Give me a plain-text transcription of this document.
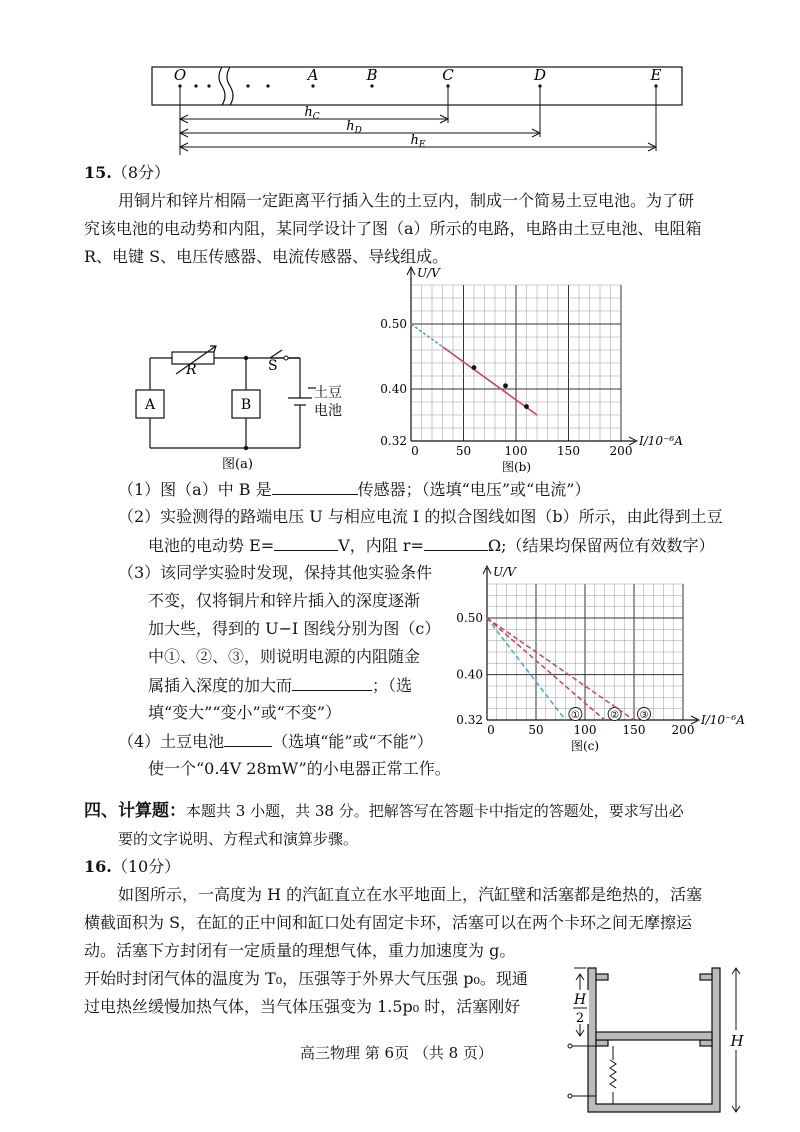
O	A	B	C	D	E
$h_C$
$h_D$
$h_E$
15.（8分）
用铜片和锌片相隔一定距离平行插入生的土豆内，制成一个简易土豆电池。为了研
究该电池的电动势和内阻，某同学设计了图（a）所示的电路，电路由土豆电池、电阻箱
R、电键 S、电压传感器、电流传感器、导线组成。
R	S
A	B
土豆
电池
图(a)
0	50	100 150 200
0.32
0.40
0.50
U/V
I/10⁻⁶A
图(b)
（1）图（a）中 B 是	传感器；（选填“电压”或“电流”）
（2）实验测得的路端电压 U 与相应电流 I 的拟合图线如图（b）所示，由此得到土豆
电池的电动势 E=	V，内阻 r=	Ω;（结果均保留两位有效数字）
（3）该同学实验时发现，保持其他实验条件
不变，仅将铜片和锌片插入的深度逐渐
加大些，得到的 U−I 图线分别为图（c）
中①、②、③，则说明电源的内阻随金
属插入深度的加大而	；（选
填“变大”“变小”或“不变”）
（4）土豆电池	（选填“能”或“不能”）
使一个“0.4V 28mW”的小电器正常工作。
0	50 100 150 200
0.32
0.40
0.50
U/V
I/10⁻⁶A
图(c)
①	② ③
四、计算题：本题共 3 小题，共 38 分。把解答写在答题卡中指定的答题处，要求写出必
要的文字说明、方程式和演算步骤。
16.（10分）
如图所示，一高度为 H 的汽缸直立在水平地面上，汽缸壁和活塞都是绝热的，活塞
横截面积为 S，在缸的正中间和缸口处有固定卡环，活塞可以在两个卡环之间无摩擦运
动。活塞下方封闭有一定质量的理想气体，重力加速度为 g。
开始时封闭气体的温度为 T₀，压强等于外界大气压强 p₀。现通
过电热丝缓慢加热气体，当气体压强变为 1.5p₀ 时，活塞刚好	H
2
H
高三物理 第 6页 （共 8 页）
